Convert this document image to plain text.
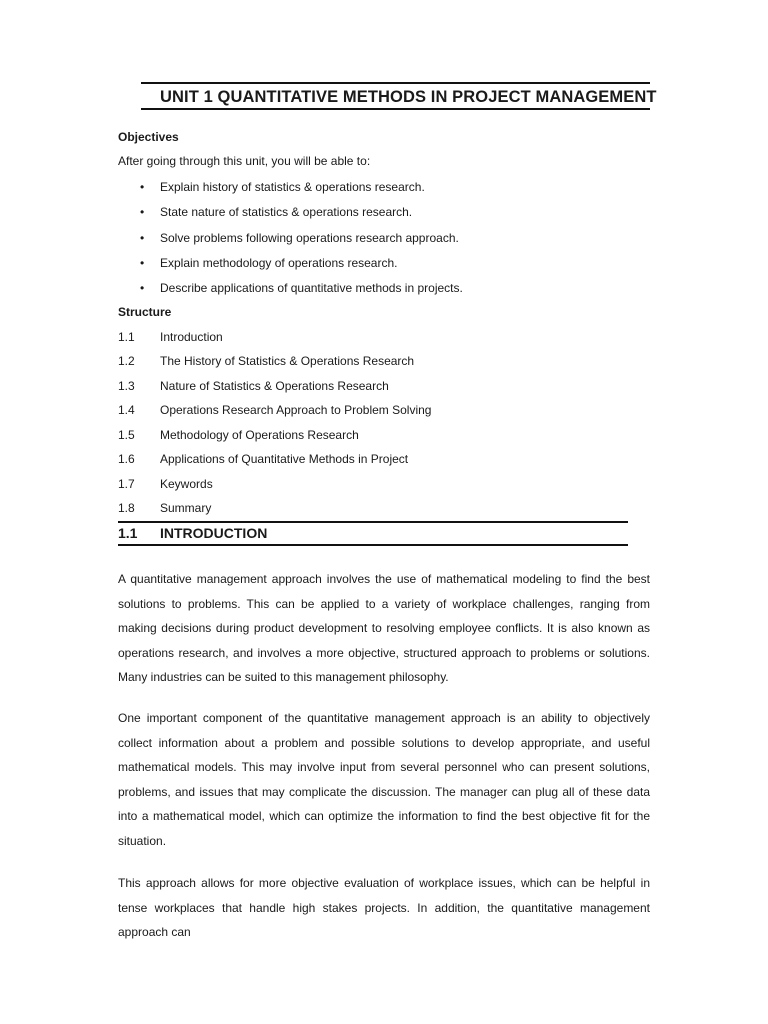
UNIT 1 QUANTITATIVE METHODS IN PROJECT MANAGEMENT
Objectives
After going through this unit, you will be able to:
• Explain history of statistics & operations research.
• State nature of statistics & operations research.
• Solve problems following operations research approach.
• Explain methodology of operations research.
• Describe applications of quantitative methods in projects.
Structure
1.1 Introduction
1.2 The History of Statistics & Operations Research
1.3 Nature of Statistics & Operations Research
1.4 Operations Research Approach to Problem Solving
1.5 Methodology of Operations Research
1.6 Applications of Quantitative Methods in Project
1.7 Keywords
1.8 Summary
1.1 INTRODUCTION
A quantitative management approach involves the use of mathematical modeling to find the best solutions to problems. This can be applied to a variety of workplace challenges, ranging from making decisions during product development to resolving employee conflicts. It is also known as operations research, and involves a more objective, structured approach to problems or solutions. Many industries can be suited to this management philosophy.
One important component of the quantitative management approach is an ability to objectively collect information about a problem and possible solutions to develop appropriate, and useful mathematical models. This may involve input from several personnel who can present solutions, problems, and issues that may complicate the discussion. The manager can plug all of these data into a mathematical model, which can optimize the information to find the best objective fit for the situation.
This approach allows for more objective evaluation of workplace issues, which can be helpful in tense workplaces that handle high stakes projects. In addition, the quantitative management approach can
